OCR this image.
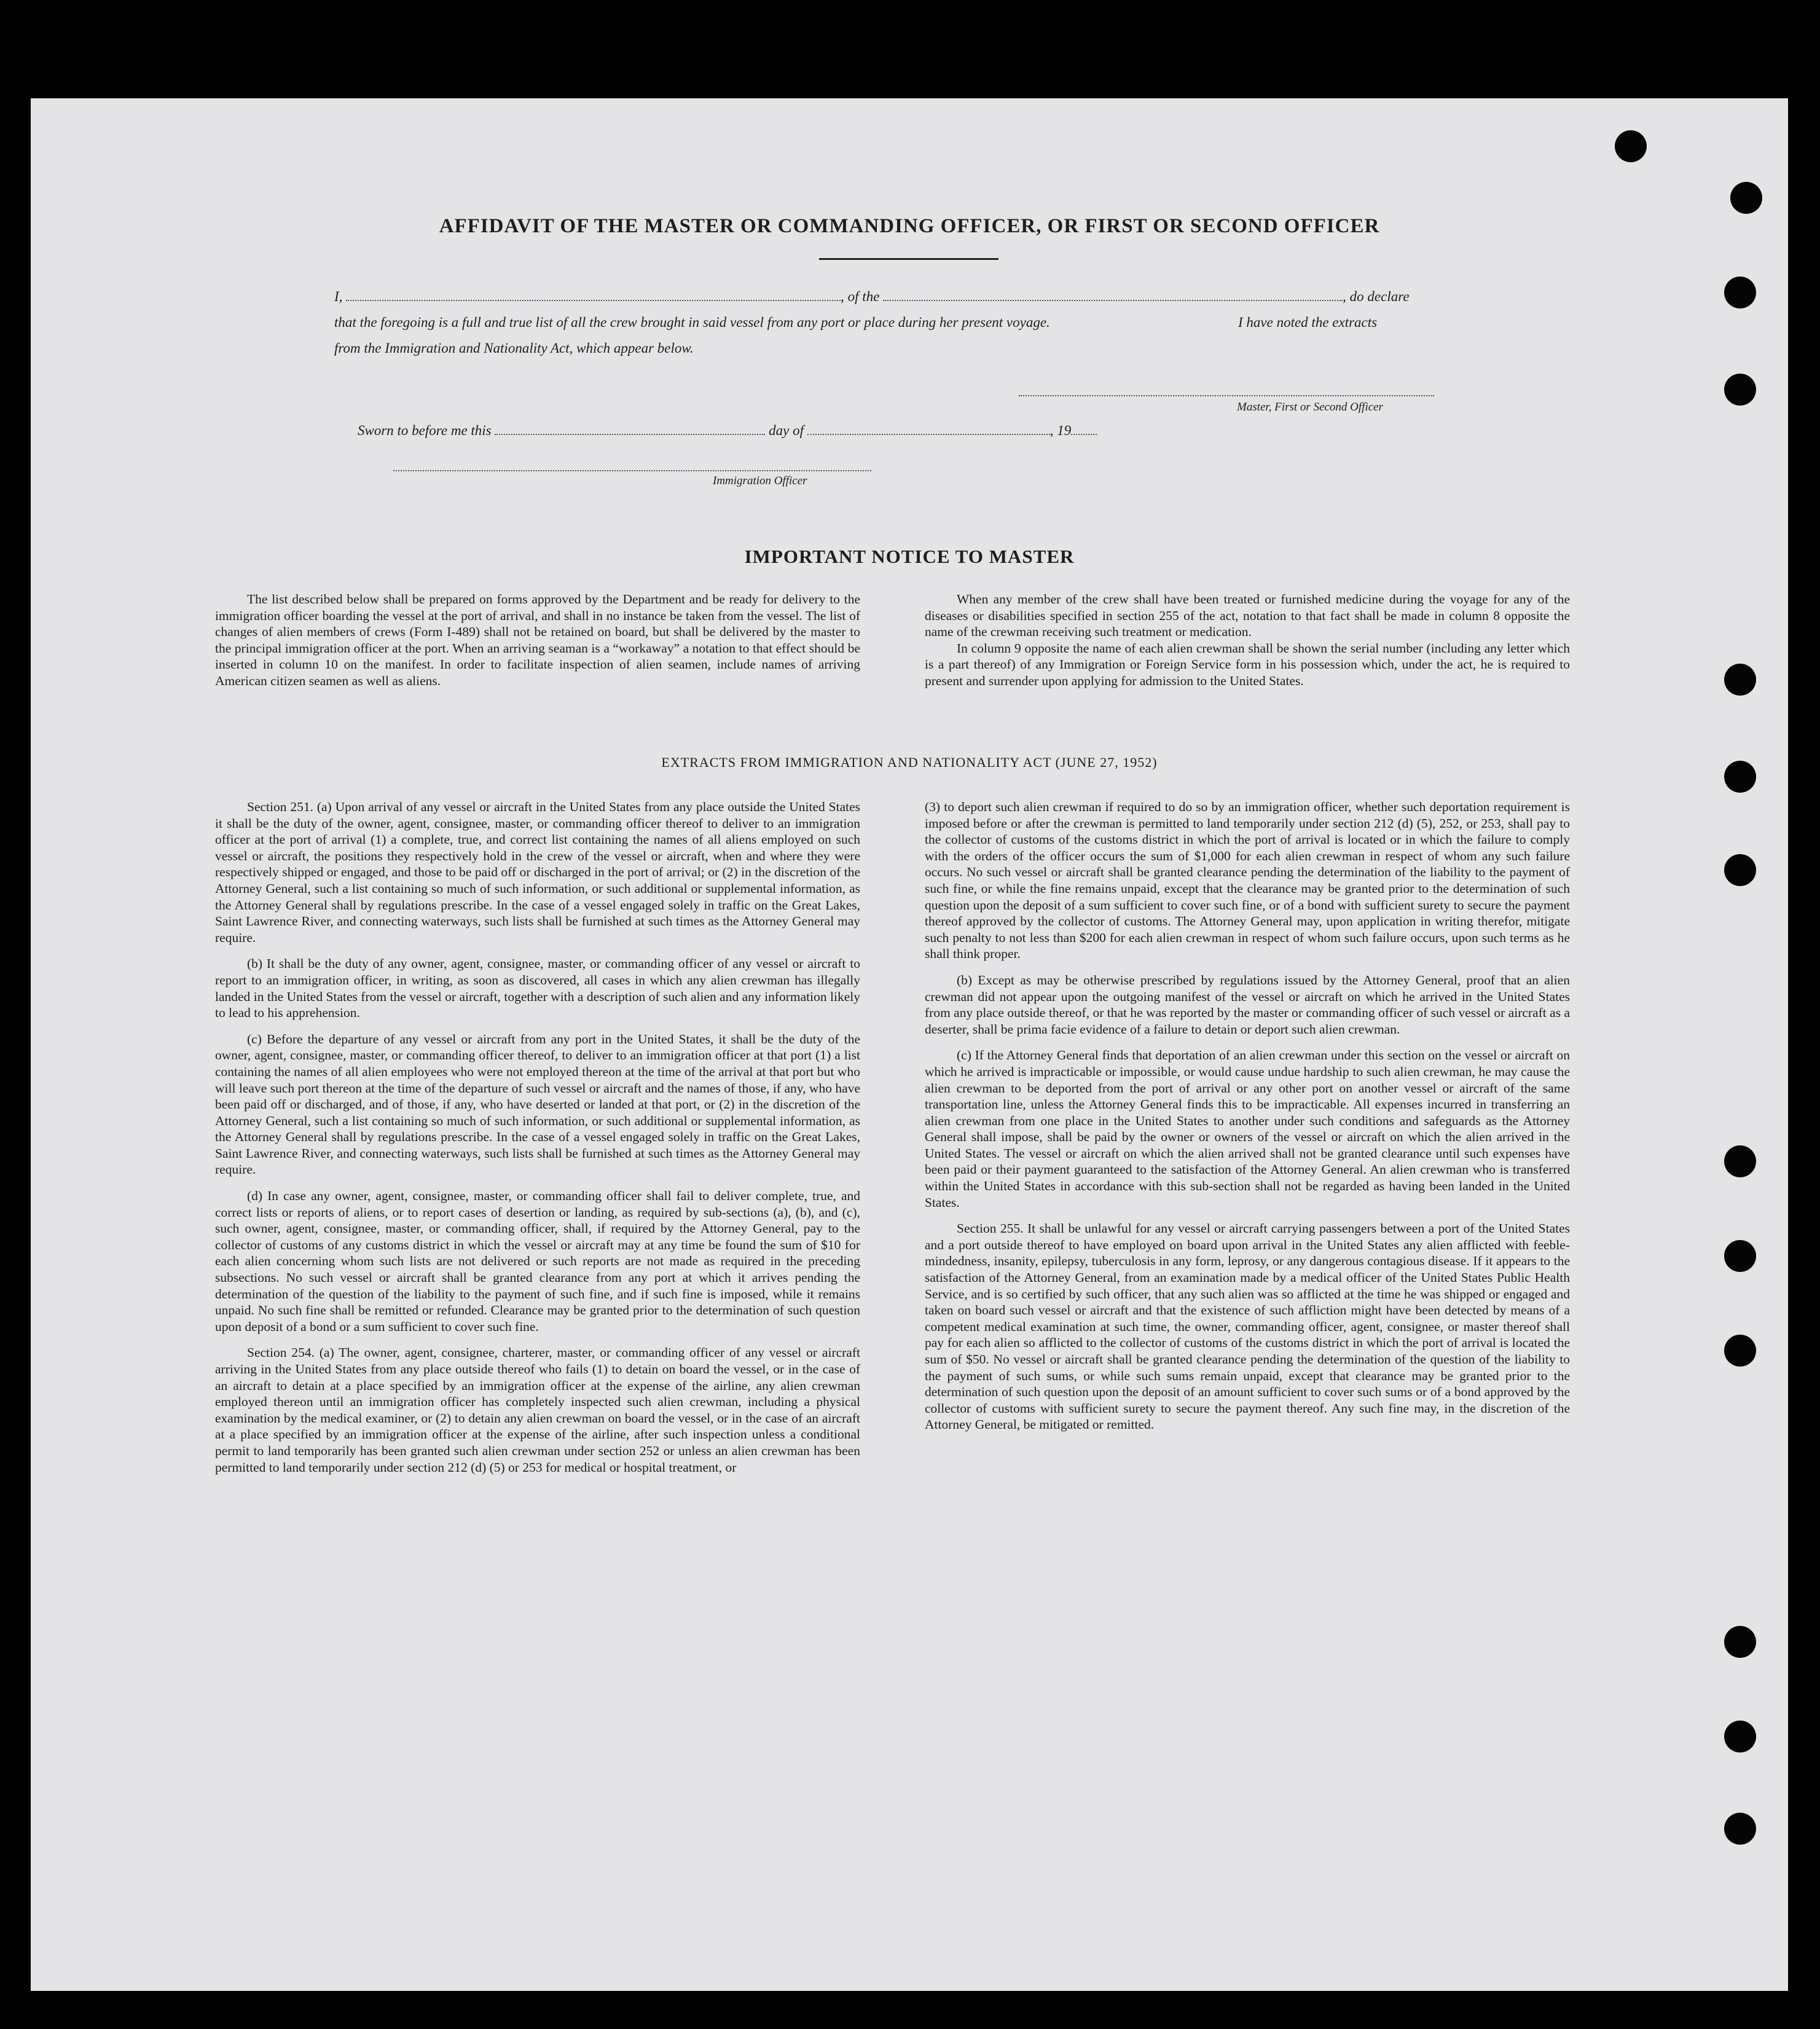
AFFIDAVIT OF THE MASTER OR COMMANDING OFFICER, OR FIRST OR SECOND OFFICER
I,	, of the	, do declare
that the foregoing is a full and true list of all the crew brought in said vessel from any port or place during her present voyage.	I have noted the extracts
from the Immigration and Nationality Act, which appear below.
Master, First or Second Officer
Sworn to before me this	day of	, 19
Immigration Officer
IMPORTANT NOTICE TO MASTER

The list described below shall be prepared on forms approved by the Department and be ready for delivery to the immigration officer boarding the vessel at the port of arrival, and shall in no instance be taken from the vessel. The list of changes of alien members of crews (Form I-489) shall not be retained on board, but shall be delivered by the master to the principal immigration officer at the port. When an arriving seaman is a “workaway” a notation to that effect should be inserted in column 10 on the manifest. In order to facilitate inspection of alien seamen, include names of arriving American citizen seamen as well as aliens.

When any member of the crew shall have been treated or furnished medicine during the voyage for any of the diseases or disabilities specified in section 255 of the act, notation to that fact shall be made in column 8 opposite the name of the crewman receiving such treatment or medication.

In column 9 opposite the name of each alien crewman shall be shown the serial number (including any letter which is a part thereof) of any Immigration or Foreign Service form in his possession which, under the act, he is required to present and surrender upon applying for admission to the United States.

EXTRACTS FROM IMMIGRATION AND NATIONALITY ACT (JUNE 27, 1952)

Section 251. (a) Upon arrival of any vessel or aircraft in the United States from any place outside the United States it shall be the duty of the owner, agent, consignee, master, or commanding officer thereof to deliver to an immigration officer at the port of arrival (1) a complete, true, and correct list containing the names of all aliens employed on such vessel or aircraft, the positions they respectively hold in the crew of the vessel or aircraft, when and where they were respectively shipped or engaged, and those to be paid off or discharged in the port of arrival; or (2) in the discretion of the Attorney General, such a list containing so much of such information, or such additional or supplemental information, as the Attorney General shall by regulations prescribe. In the case of a vessel engaged solely in traffic on the Great Lakes, Saint Lawrence River, and connecting waterways, such lists shall be furnished at such times as the Attorney General may require.

(b) It shall be the duty of any owner, agent, consignee, master, or commanding officer of any vessel or aircraft to report to an immigration officer, in writing, as soon as discovered, all cases in which any alien crewman has illegally landed in the United States from the vessel or aircraft, together with a description of such alien and any information likely to lead to his apprehension.

(c) Before the departure of any vessel or aircraft from any port in the United States, it shall be the duty of the owner, agent, consignee, master, or commanding officer thereof, to deliver to an immigration officer at that port (1) a list containing the names of all alien employees who were not employed thereon at the time of the arrival at that port but who will leave such port thereon at the time of the departure of such vessel or aircraft and the names of those, if any, who have been paid off or discharged, and of those, if any, who have deserted or landed at that port, or (2) in the discretion of the Attorney General, such a list containing so much of such information, or such additional or supplemental information, as the Attorney General shall by regulations prescribe. In the case of a vessel engaged solely in traffic on the Great Lakes, Saint Lawrence River, and connecting waterways, such lists shall be furnished at such times as the Attorney General may require.

(d) In case any owner, agent, consignee, master, or commanding officer shall fail to deliver complete, true, and correct lists or reports of aliens, or to report cases of desertion or landing, as required by sub-sections (a), (b), and (c), such owner, agent, consignee, master, or commanding officer, shall, if required by the Attorney General, pay to the collector of customs of any customs district in which the vessel or aircraft may at any time be found the sum of $10 for each alien concerning whom such lists are not delivered or such reports are not made as required in the preceding subsections. No such vessel or aircraft shall be granted clearance from any port at which it arrives pending the determination of the question of the liability to the payment of such fine, and if such fine is imposed, while it remains unpaid. No such fine shall be remitted or refunded. Clearance may be granted prior to the determination of such question upon deposit of a bond or a sum sufficient to cover such fine.

Section 254. (a) The owner, agent, consignee, charterer, master, or commanding officer of any vessel or aircraft arriving in the United States from any place outside thereof who fails (1) to detain on board the vessel, or in the case of an aircraft to detain at a place specified by an immigration officer at the expense of the airline, any alien crewman employed thereon until an immigration officer has completely inspected such alien crewman, including a physical examination by the medical examiner, or (2) to detain any alien crewman on board the vessel, or in the case of an aircraft at a place specified by an immigration officer at the expense of the airline, after such inspection unless a conditional permit to land temporarily has been granted such alien crewman under section 252 or unless an alien crewman has been permitted to land temporarily under section 212 (d) (5) or 253 for medical or hospital treatment, or

(3) to deport such alien crewman if required to do so by an immigration officer, whether such deportation requirement is imposed before or after the crewman is permitted to land temporarily under section 212 (d) (5), 252, or 253, shall pay to the collector of customs of the customs district in which the port of arrival is located or in which the failure to comply with the orders of the officer occurs the sum of $1,000 for each alien crewman in respect of whom any such failure occurs. No such vessel or aircraft shall be granted clearance pending the determination of the liability to the payment of such fine, or while the fine remains unpaid, except that the clearance may be granted prior to the determination of such question upon the deposit of a sum sufficient to cover such fine, or of a bond with sufficient surety to secure the payment thereof approved by the collector of customs. The Attorney General may, upon application in writing therefor, mitigate such penalty to not less than $200 for each alien crewman in respect of whom such failure occurs, upon such terms as he shall think proper.

(b) Except as may be otherwise prescribed by regulations issued by the Attorney General, proof that an alien crewman did not appear upon the outgoing manifest of the vessel or aircraft on which he arrived in the United States from any place outside thereof, or that he was reported by the master or commanding officer of such vessel or aircraft as a deserter, shall be prima facie evidence of a failure to detain or deport such alien crewman.

(c) If the Attorney General finds that deportation of an alien crewman under this section on the vessel or aircraft on which he arrived is impracticable or impossible, or would cause undue hardship to such alien crewman, he may cause the alien crewman to be deported from the port of arrival or any other port on another vessel or aircraft of the same transportation line, unless the Attorney General finds this to be impracticable. All expenses incurred in transferring an alien crewman from one place in the United States to another under such conditions and safeguards as the Attorney General shall impose, shall be paid by the owner or owners of the vessel or aircraft on which the alien arrived in the United States. The vessel or aircraft on which the alien arrived shall not be granted clearance until such expenses have been paid or their payment guaranteed to the satisfaction of the Attorney General. An alien crewman who is transferred within the United States in accordance with this sub-section shall not be regarded as having been landed in the United States.

Section 255. It shall be unlawful for any vessel or aircraft carrying passengers between a port of the United States and a port outside thereof to have employed on board upon arrival in the United States any alien afflicted with feeble-mindedness, insanity, epilepsy, tuberculosis in any form, leprosy, or any dangerous contagious disease. If it appears to the satisfaction of the Attorney General, from an examination made by a medical officer of the United States Public Health Service, and is so certified by such officer, that any such alien was so afflicted at the time he was shipped or engaged and taken on board such vessel or aircraft and that the existence of such affliction might have been detected by means of a competent medical examination at such time, the owner, commanding officer, agent, consignee, or master thereof shall pay for each alien so afflicted to the collector of customs of the customs district in which the port of arrival is located the sum of $50. No vessel or aircraft shall be granted clearance pending the determination of the question of the liability to the payment of such sums, or while such sums remain unpaid, except that clearance may be granted prior to the determination of such question upon the deposit of an amount sufficient to cover such sums or of a bond approved by the collector of customs with sufficient surety to secure the payment thereof. Any such fine may, in the discretion of the Attorney General, be mitigated or remitted.
